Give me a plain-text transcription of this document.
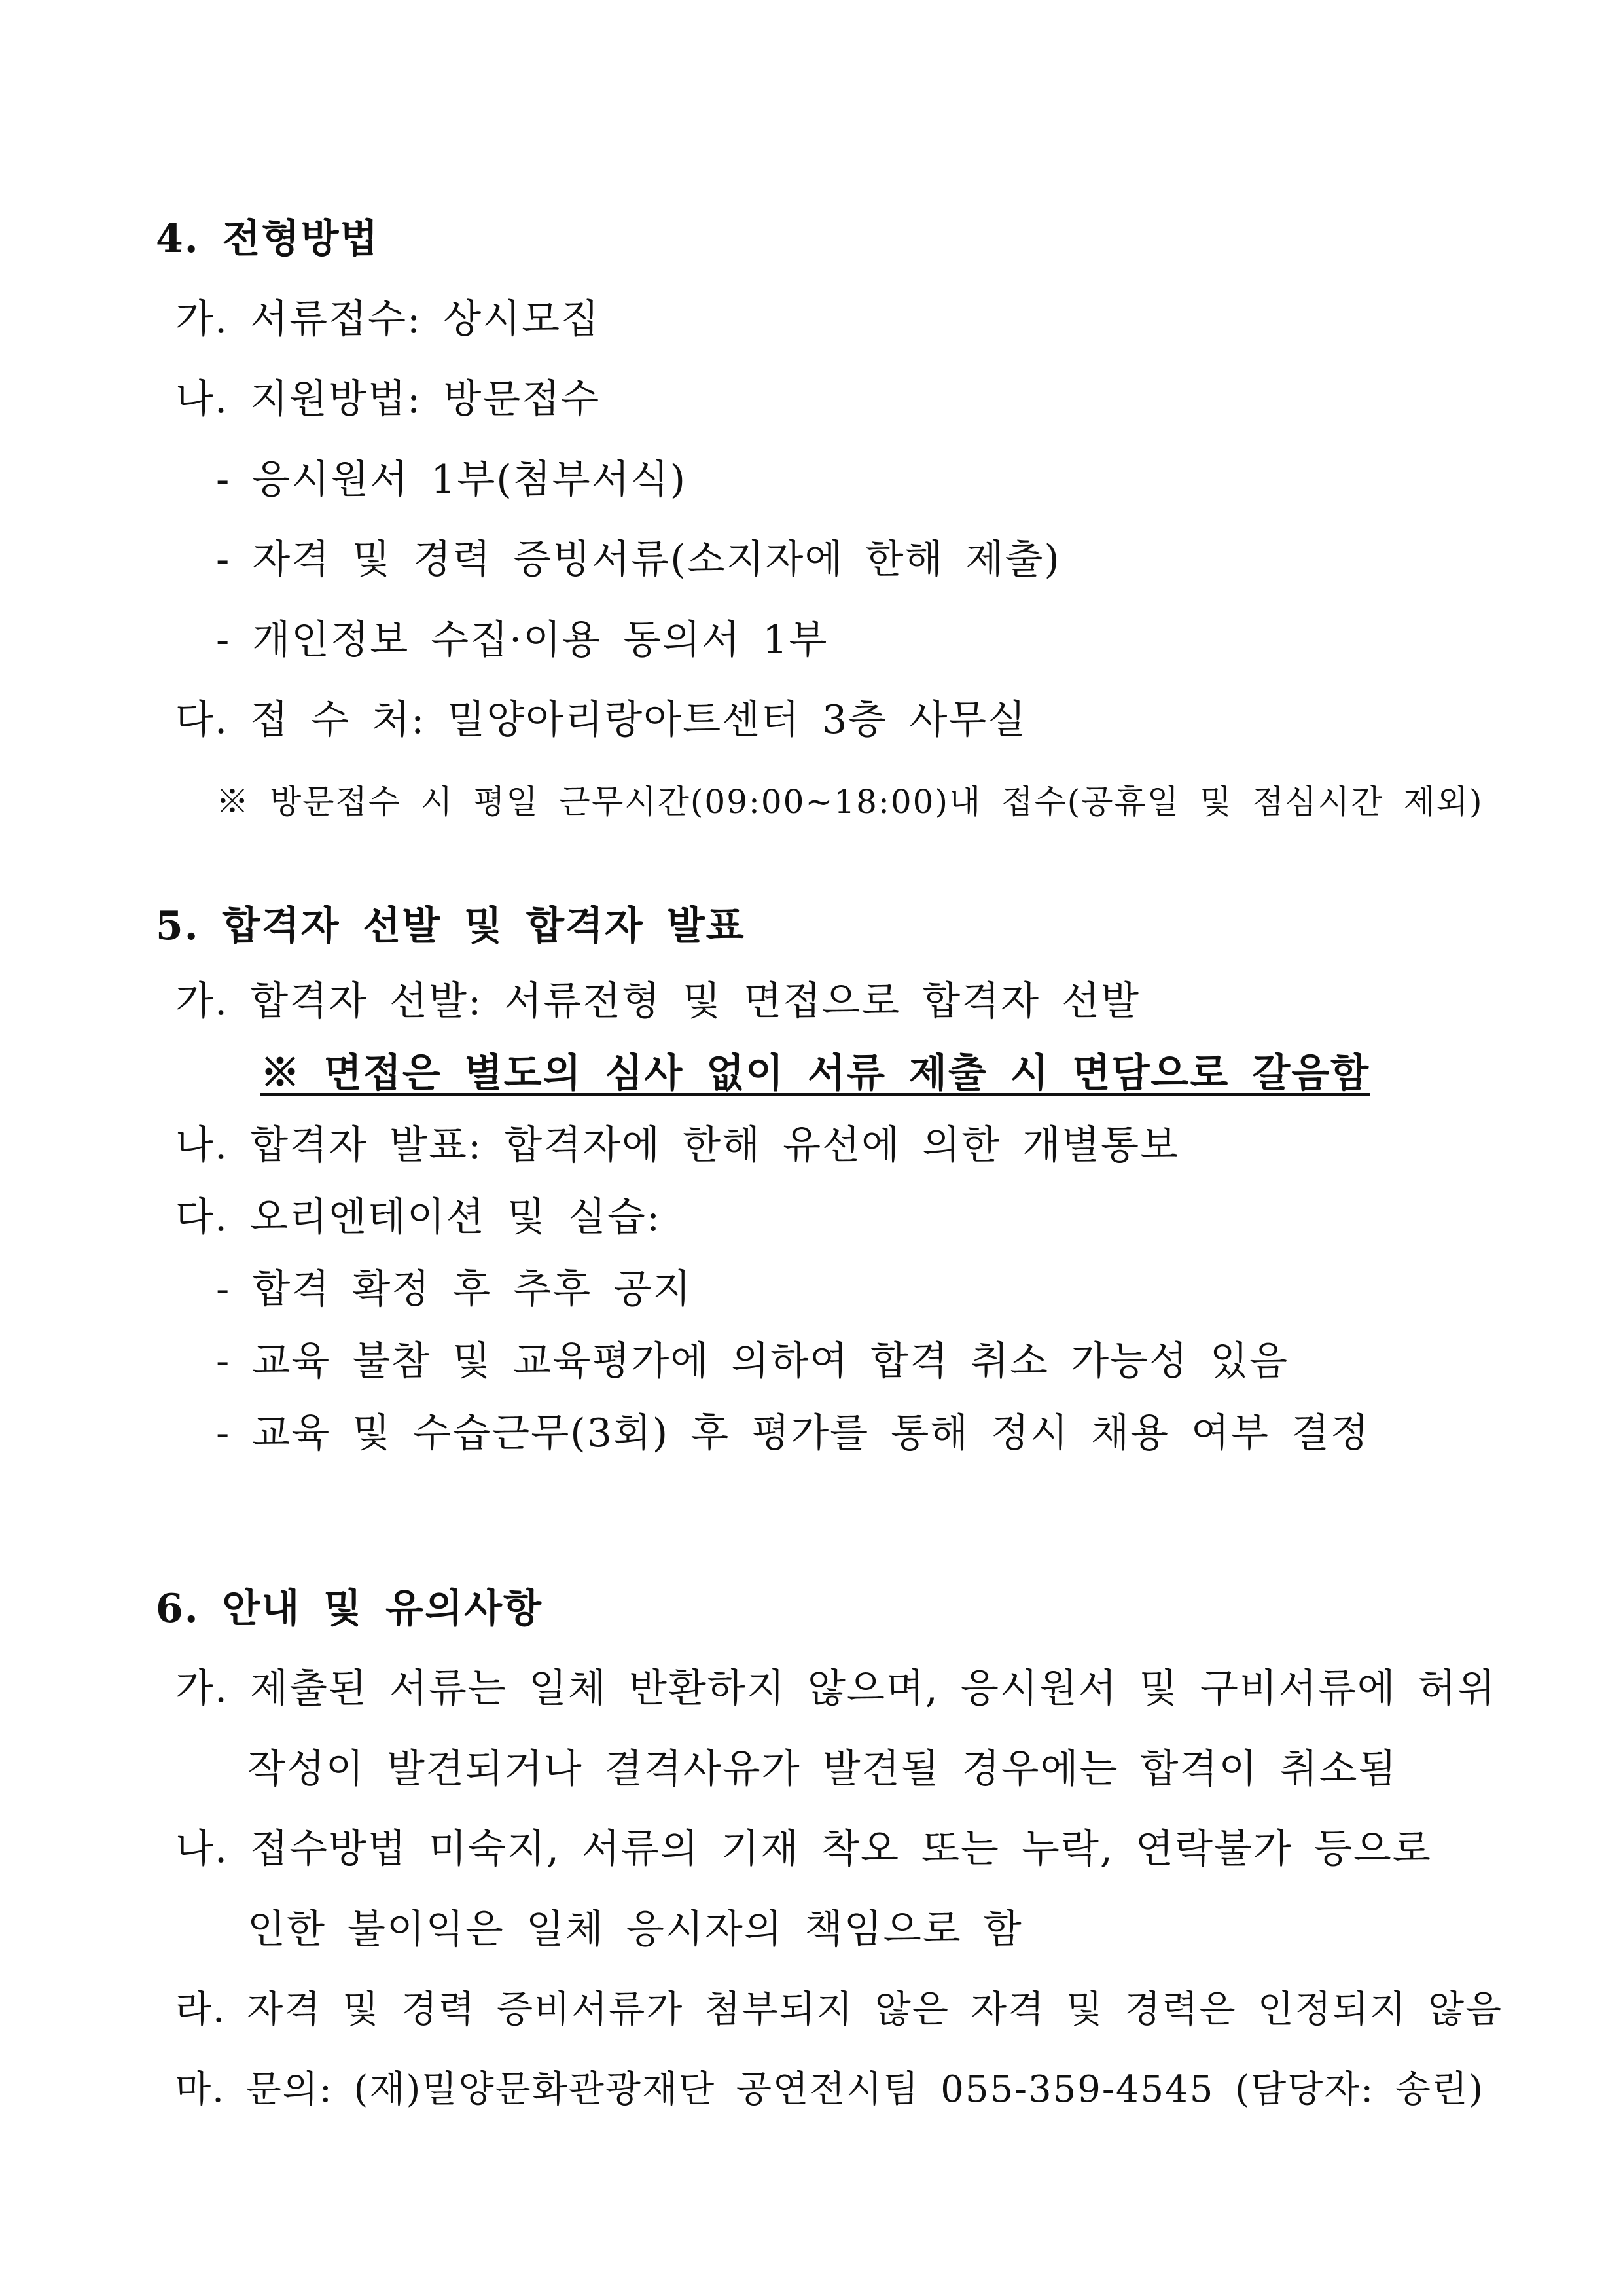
4. 전형방법
가. 서류접수: 상시모집
나. 지원방법: 방문접수
- 응시원서 1부(첨부서식)
- 자격 및 경력 증빙서류(소지자에 한해 제출)
- 개인정보 수집·이용 동의서 1부
다. 접 수 처: 밀양아리랑아트센터 3층 사무실
※ 방문접수 시 평일 근무시간(09:00~18:00)내 접수(공휴일 및 점심시간 제외)
5. 합격자 선발 및 합격자 발표
가. 합격자 선발: 서류전형 및 면접으로 합격자 선발
※ 면접은 별도의 심사 없이 서류 제출 시 면담으로 갈음함
나. 합격자 발표: 합격자에 한해 유선에 의한 개별통보
다. 오리엔테이션 및 실습:
- 합격 확정 후 추후 공지
- 교육 불참 및 교육평가에 의하여 합격 취소 가능성 있음
- 교육 및 수습근무(3회) 후 평가를 통해 정시 채용 여부 결정
6. 안내 및 유의사항
가. 제출된 서류는 일체 반환하지 않으며, 응시원서 및 구비서류에 허위
작성이 발견되거나 결격사유가 발견될 경우에는 합격이 취소됨
나. 접수방법 미숙지, 서류의 기재 착오 또는 누락, 연락불가 등으로
인한 불이익은 일체 응시자의 책임으로 함
라. 자격 및 경력 증비서류가 첨부되지 않은 자격 및 경력은 인정되지 않음
마. 문의: (재)밀양문화관광재단 공연전시팀 055-359-4545 (담당자: 송린)
